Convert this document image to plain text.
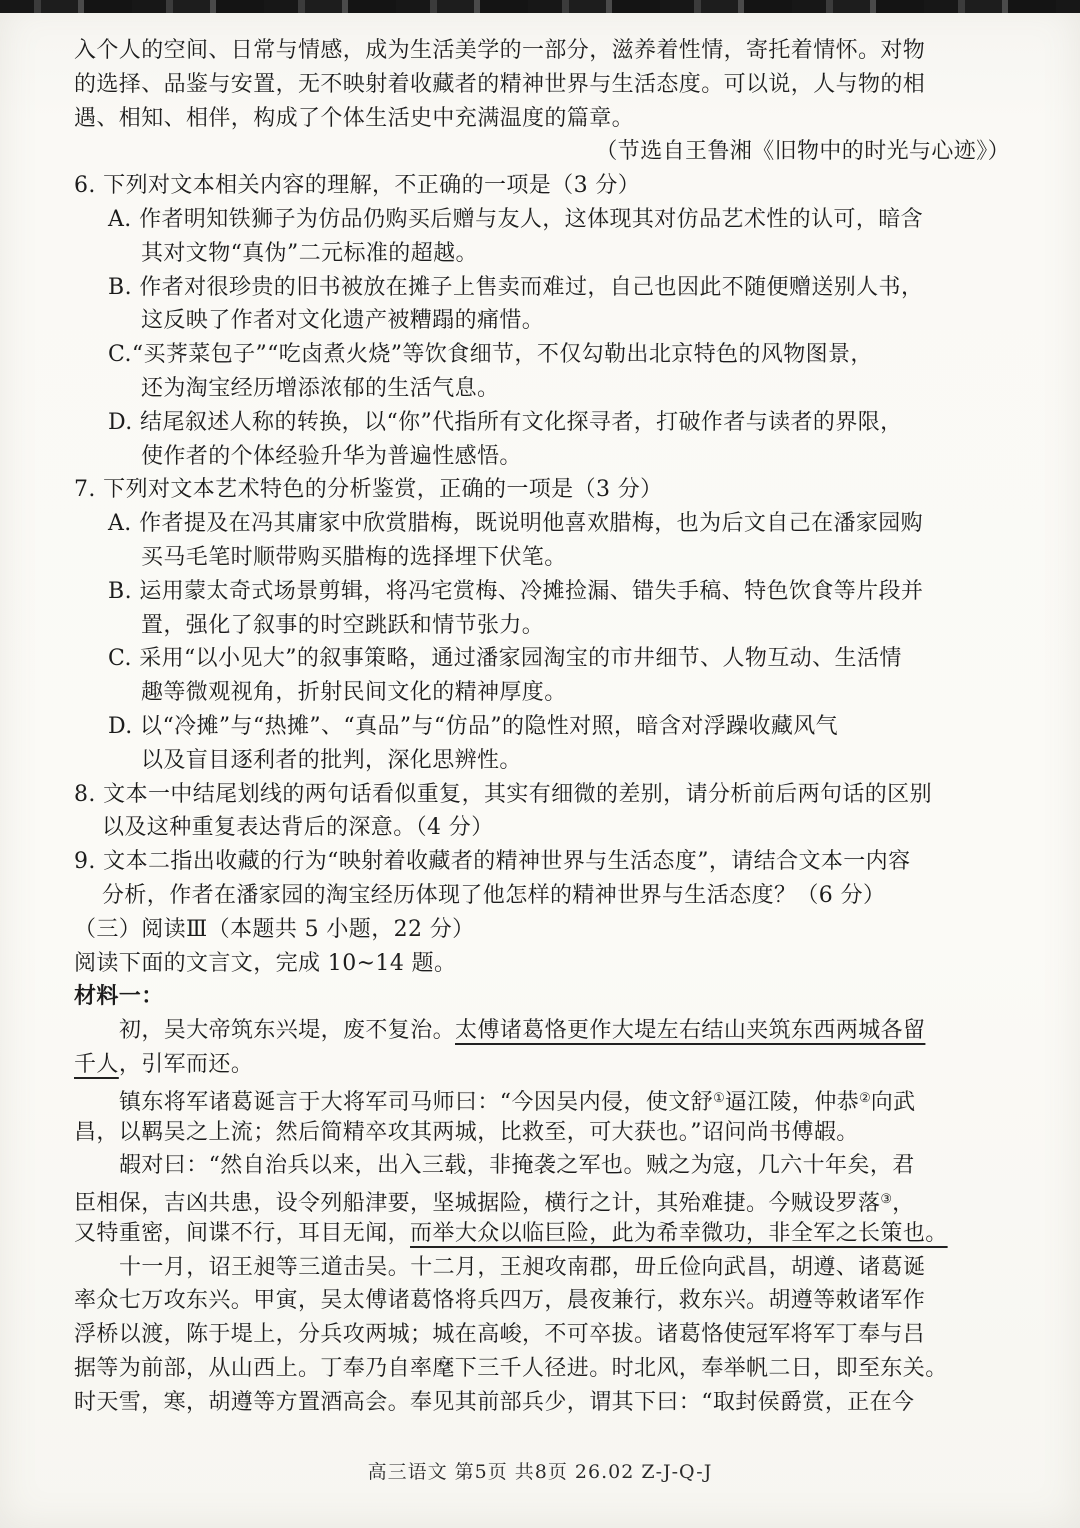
入个人的空间、日常与情感，成为生活美学的一部分，滋养着性情，寄托着情怀。对物
的选择、品鉴与安置，无不映射着收藏者的精神世界与生活态度。可以说，人与物的相
遇、相知、相伴，构成了个体生活史中充满温度的篇章。
（节选自王鲁湘《旧物中的时光与心迹》）
6. 下列对文本相关内容的理解，不正确的一项是（3 分）
A. 作者明知铁狮子为仿品仍购买后赠与友人，这体现其对仿品艺术性的认可，暗含
其对文物“真伪”二元标准的超越。
B. 作者对很珍贵的旧书被放在摊子上售卖而难过，自己也因此不随便赠送别人书，
这反映了作者对文化遗产被糟蹋的痛惜。
C.“买荠菜包子”“吃卤煮火烧”等饮食细节，不仅勾勒出北京特色的风物图景，
还为淘宝经历增添浓郁的生活气息。
D. 结尾叙述人称的转换，以“你”代指所有文化探寻者，打破作者与读者的界限，
使作者的个体经验升华为普遍性感悟。
7. 下列对文本艺术特色的分析鉴赏，正确的一项是（3 分）
A. 作者提及在冯其庸家中欣赏腊梅，既说明他喜欢腊梅，也为后文自己在潘家园购
买马毛笔时顺带购买腊梅的选择埋下伏笔。
B. 运用蒙太奇式场景剪辑，将冯宅赏梅、冷摊捡漏、错失手稿、特色饮食等片段并
置，强化了叙事的时空跳跃和情节张力。
C. 采用“以小见大”的叙事策略，通过潘家园淘宝的市井细节、人物互动、生活情
趣等微观视角，折射民间文化的精神厚度。
D. 以“冷摊”与“热摊”、“真品”与“仿品”的隐性对照，暗含对浮躁收藏风气
以及盲目逐利者的批判，深化思辨性。
8. 文本一中结尾划线的两句话看似重复，其实有细微的差别，请分析前后两句话的区别
以及这种重复表达背后的深意。（4 分）
9. 文本二指出收藏的行为“映射着收藏者的精神世界与生活态度”，请结合文本一内容
分析，作者在潘家园的淘宝经历体现了他怎样的精神世界与生活态度？（6 分）
（三）阅读Ⅲ（本题共 5 小题，22 分）
阅读下面的文言文，完成 10~14 题。
材料一：
初，吴大帝筑东兴堤，废不复治。太傅诸葛恪更作大堤左右结山夹筑东西两城各留
千人，引军而还。
镇东将军诸葛诞言于大将军司马师曰：“今因吴内侵，使文舒①逼江陵，仲恭②向武
昌，以羁吴之上流；然后简精卒攻其两城，比救至，可大获也。”诏问尚书傅嘏。
嘏对曰：“然自治兵以来，出入三载，非掩袭之军也。贼之为寇，几六十年矣，君
臣相保，吉凶共患，设令列船津要，坚城据险，横行之计，其殆难捷。今贼设罗落③，
又特重密，间谍不行，耳目无闻，而举大众以临巨险，此为希幸微功，非全军之长策也。
十一月，诏王昶等三道击吴。十二月，王昶攻南郡，毌丘俭向武昌，胡遵、诸葛诞
率众七万攻东兴。甲寅，吴太傅诸葛恪将兵四万，晨夜兼行，救东兴。胡遵等敕诸军作
浮桥以渡，陈于堤上，分兵攻两城；城在高峻，不可卒拔。诸葛恪使冠军将军丁奉与吕
据等为前部，从山西上。丁奉乃自率麾下三千人径进。时北风，奉举帆二日，即至东关。
时天雪，寒，胡遵等方置酒高会。奉见其前部兵少，谓其下曰：“取封侯爵赏，正在今
高三语文 第5页 共8页 26.02 Z-J-Q-J
